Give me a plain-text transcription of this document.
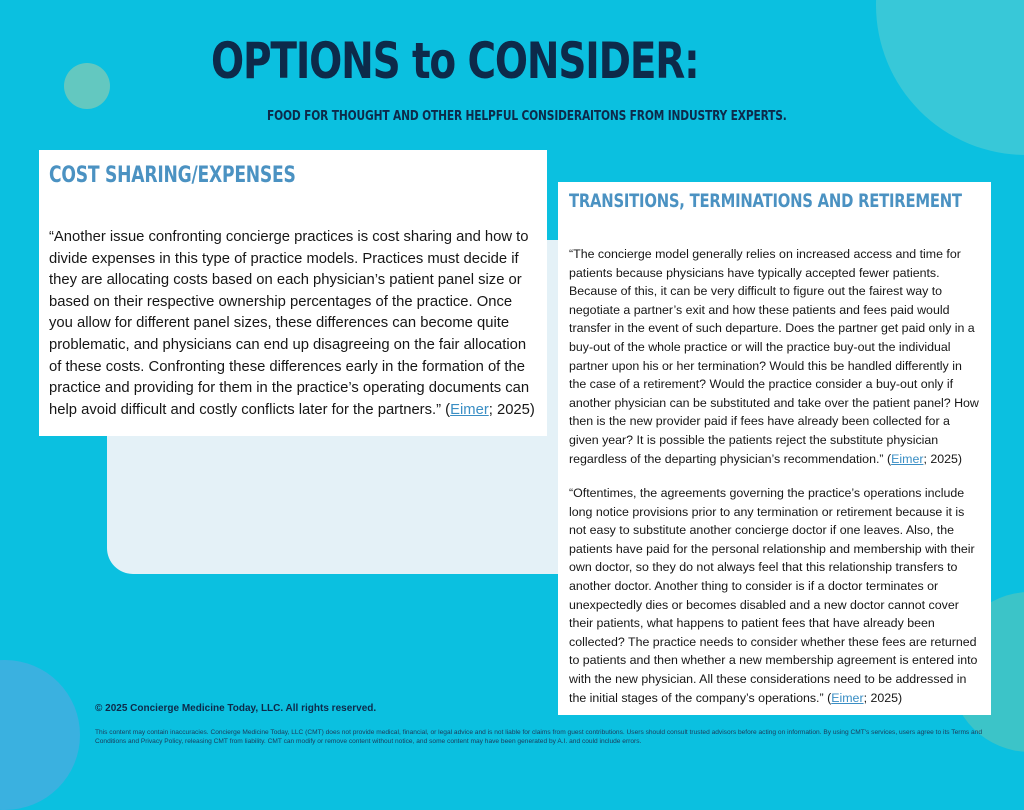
OPTIONS to CONSIDER:

FOOD FOR THOUGHT AND OTHER HELPFUL CONSIDERAITONS FROM INDUSTRY EXPERTS.

COST SHARING/EXPENSES

“Another issue confronting concierge practices is cost sharing and how to divide expenses in this type of practice models. Practices must decide if they are allocating costs based on each physician’s patient panel size or based on their respective ownership percentages of the practice. Once you allow for different panel sizes, these differences can become quite problematic, and physicians can end up disagreeing on the fair allocation of these costs. Confronting these differences early in the formation of the practice and providing for them in the practice’s operating documents can help avoid difficult and costly conflicts later for the partners.” (Eimer; 2025)

TRANSITIONS, TERMINATIONS AND RETIREMENT

“The concierge model generally relies on increased access and time for patients because physicians have typically accepted fewer patients. Because of this, it can be very difficult to figure out the fairest way to negotiate a partner’s exit and how these patients and fees paid would transfer in the event of such departure. Does the partner get paid only in a buy-out of the whole practice or will the practice buy-out the individual partner upon his or her termination? Would this be handled differently in the case of a retirement? Would the practice consider a buy-out only if another physician can be substituted and take over the patient panel? How then is the new provider paid if fees have already been collected for a given year? It is possible the patients reject the substitute physician regardless of the departing physician’s recommendation.” (Eimer; 2025)

“Oftentimes, the agreements governing the practice’s operations include long notice provisions prior to any termination or retirement because it is not easy to substitute another concierge doctor if one leaves. Also, the patients have paid for the personal relationship and membership with their own doctor, so they do not always feel that this relationship transfers to another doctor. Another thing to consider is if a doctor terminates or unexpectedly dies or becomes disabled and a new doctor cannot cover their patients, what happens to patient fees that have already been collected? The practice needs to consider whether these fees are returned to patients and then whether a new membership agreement is entered into with the new physician. All these considerations need to be addressed in the initial stages of the company’s operations.” (Eimer; 2025)

© 2025 Concierge Medicine Today, LLC. All rights reserved.

This content may contain inaccuracies. Concierge Medicine Today, LLC (CMT) does not provide medical, financial, or legal advice and is not liable for claims from guest contributions. Users should consult trusted advisors before acting on information. By using CMT's services, users agree to its Terms and Conditions and Privacy Policy, releasing CMT from liability. CMT can modify or remove content without notice, and some content may have been generated by A.I. and could include errors.
